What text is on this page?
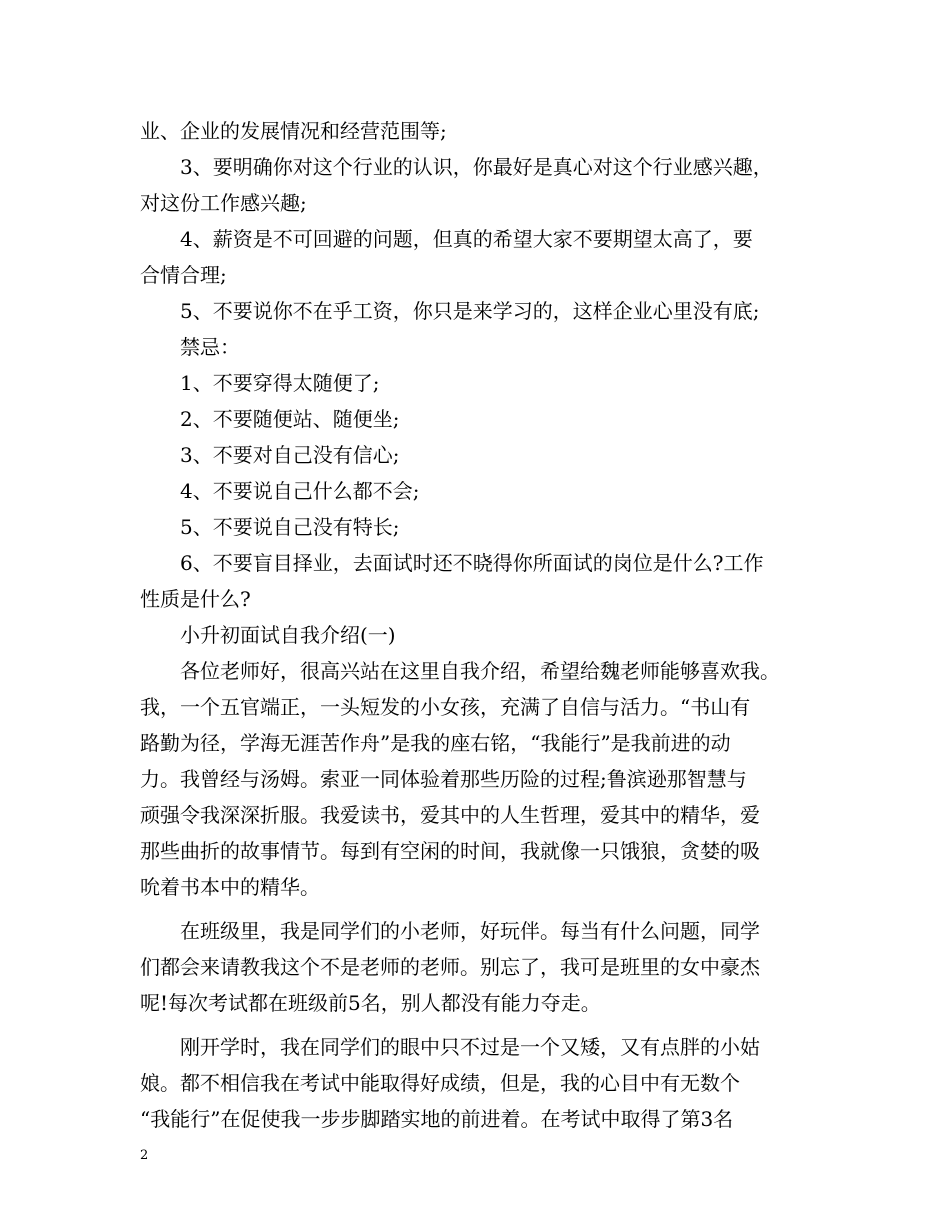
业、企业的发展情况和经营范围等;
3、要明确你对这个行业的认识，你最好是真心对这个行业感兴趣，
对这份工作感兴趣;
4、薪资是不可回避的问题，但真的希望大家不要期望太高了，要
合情合理;
5、不要说你不在乎工资，你只是来学习的，这样企业心里没有底;
禁忌：
1、不要穿得太随便了;
2、不要随便站、随便坐;
3、不要对自己没有信心;
4、不要说自己什么都不会;
5、不要说自己没有特长;
6、不要盲目择业，去面试时还不晓得你所面试的岗位是什么?工作
性质是什么?
小升初面试自我介绍(一)
各位老师好，很高兴站在这里自我介绍，希望给魏老师能够喜欢我。
我，一个五官端正，一头短发的小女孩，充满了自信与活力。“书山有
路勤为径，学海无涯苦作舟”是我的座右铭，“我能行”是我前进的动
力。我曾经与汤姆。索亚一同体验着那些历险的过程;鲁滨逊那智慧与
顽强令我深深折服。我爱读书，爱其中的人生哲理，爱其中的精华，爱
那些曲折的故事情节。每到有空闲的时间，我就像一只饿狼，贪婪的吸
吮着书本中的精华。
在班级里，我是同学们的小老师，好玩伴。每当有什么问题，同学
们都会来请教我这个不是老师的老师。别忘了，我可是班里的女中豪杰
呢!每次考试都在班级前5名，别人都没有能力夺走。
刚开学时，我在同学们的眼中只不过是一个又矮，又有点胖的小姑
娘。都不相信我在考试中能取得好成绩，但是，我的心目中有无数个
“我能行”在促使我一步步脚踏实地的前进着。在考试中取得了第3名
2
